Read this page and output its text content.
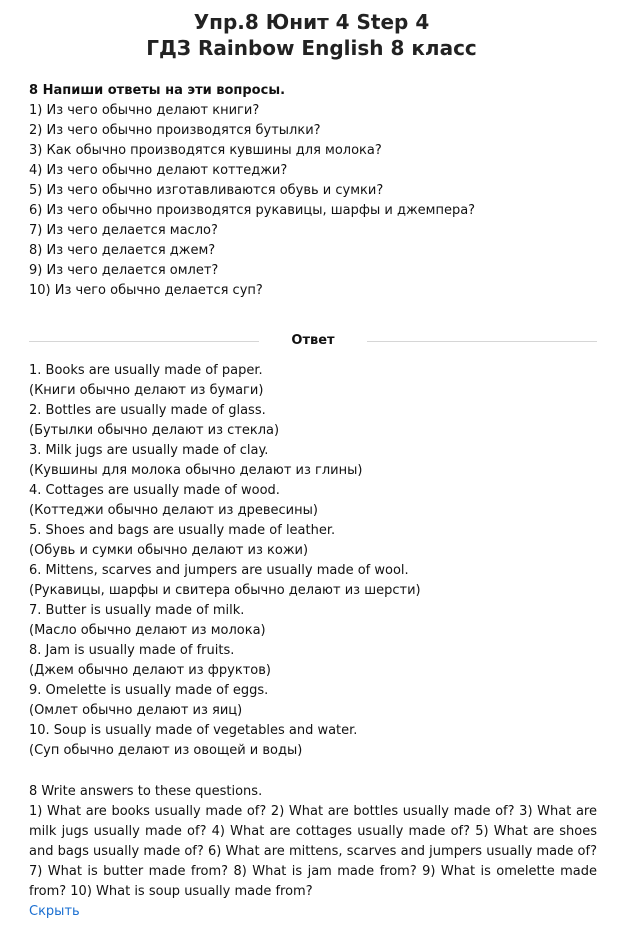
Упр.8 Юнит 4 Step 4
ГДЗ Rainbow English 8 класс
8 Напиши ответы на эти вопросы.
1) Из чего обычно делают книги?
2) Из чего обычно производятся бутылки?
3) Как обычно производятся кувшины для молока?
4) Из чего обычно делают коттеджи?
5) Из чего обычно изготавливаются обувь и сумки?
6) Из чего обычно производятся рукавицы, шарфы и джемпера?
7) Из чего делается масло?
8) Из чего делается джем?
9) Из чего делается омлет?
10) Из чего обычно делается суп?
Ответ
1. Books are usually made of paper.
(Книги обычно делают из бумаги)
2. Bottles are usually made of glass.
(Бутылки обычно делают из стекла)
3. Milk jugs are usually made of clay.
(Кувшины для молока обычно делают из глины)
4. Cottages are usually made of wood.
(Коттеджи обычно делают из древесины)
5. Shoes and bags are usually made of leather.
(Обувь и сумки обычно делают из кожи)
6. Mittens, scarves and jumpers are usually made of wool.
(Рукавицы, шарфы и свитера обычно делают из шерсти)
7. Butter is usually made of milk.
(Масло обычно делают из молока)
8. Jam is usually made of fruits.
(Джем обычно делают из фруктов)
9. Omelette is usually made of eggs.
(Омлет обычно делают из яиц)
10. Soup is usually made of vegetables and water.
(Суп обычно делают из овощей и воды)
8 Write answers to these questions.

1) What are books usually made of? 2) What are bottles usually made of? 3) What are milk jugs usually made of? 4) What are cottages usually made of? 5) What are shoes and bags usually made of? 6) What are mittens, scarves and jumpers usually made of? 7) What is butter made from? 8) What is jam made from? 9) What is omelette made from? 10) What is soup usually made from?

Скрыть
